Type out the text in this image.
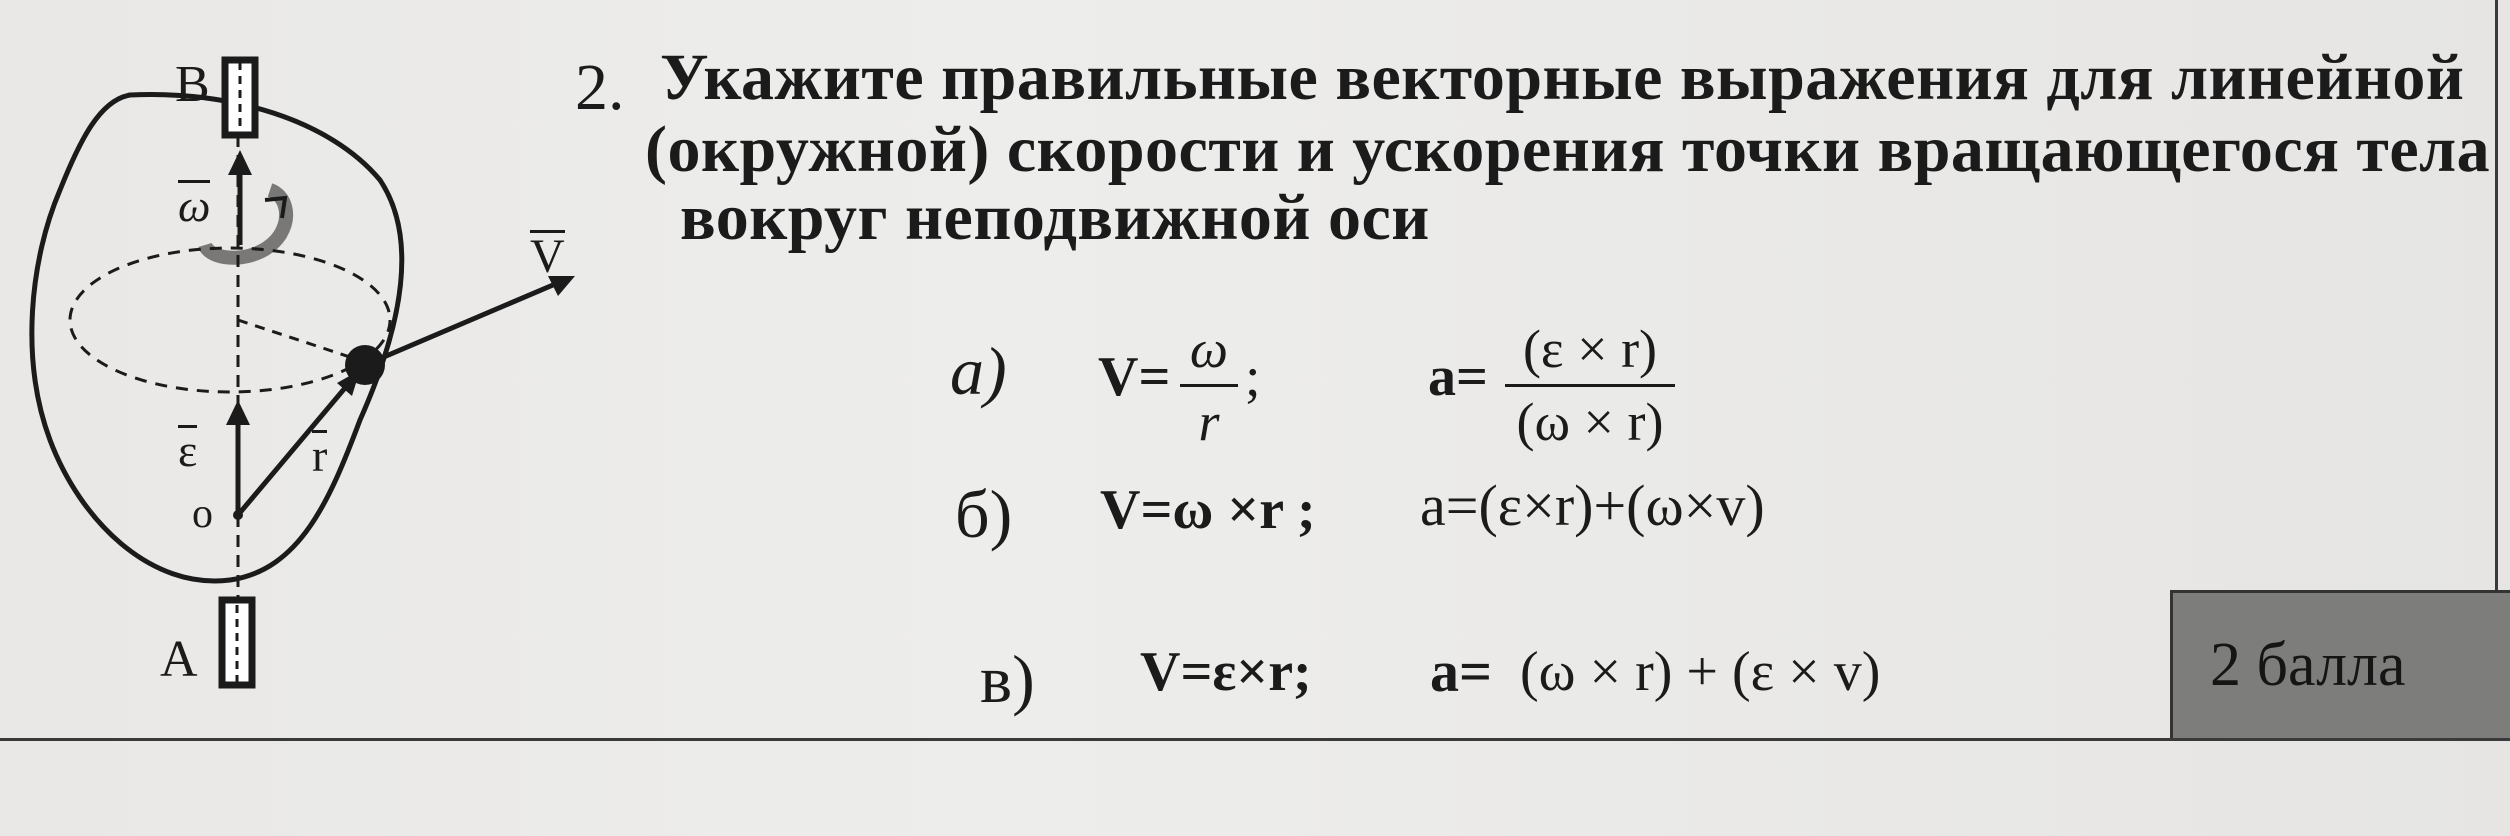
B
A
ω
ε r
V
o
2. Укажите правильные векторные выражения для линейной
(окружной) скорости и ускорения точки вращающегося тела
вокруг неподвижной оси
а) V= ω
r
;	a= (ε × r)
(ω × r)
б) V=ω ×r ; a=(ε×r)+(ω×v)
в) V=ε×r; a= (ω × r) + (ε × v)	2 балла
